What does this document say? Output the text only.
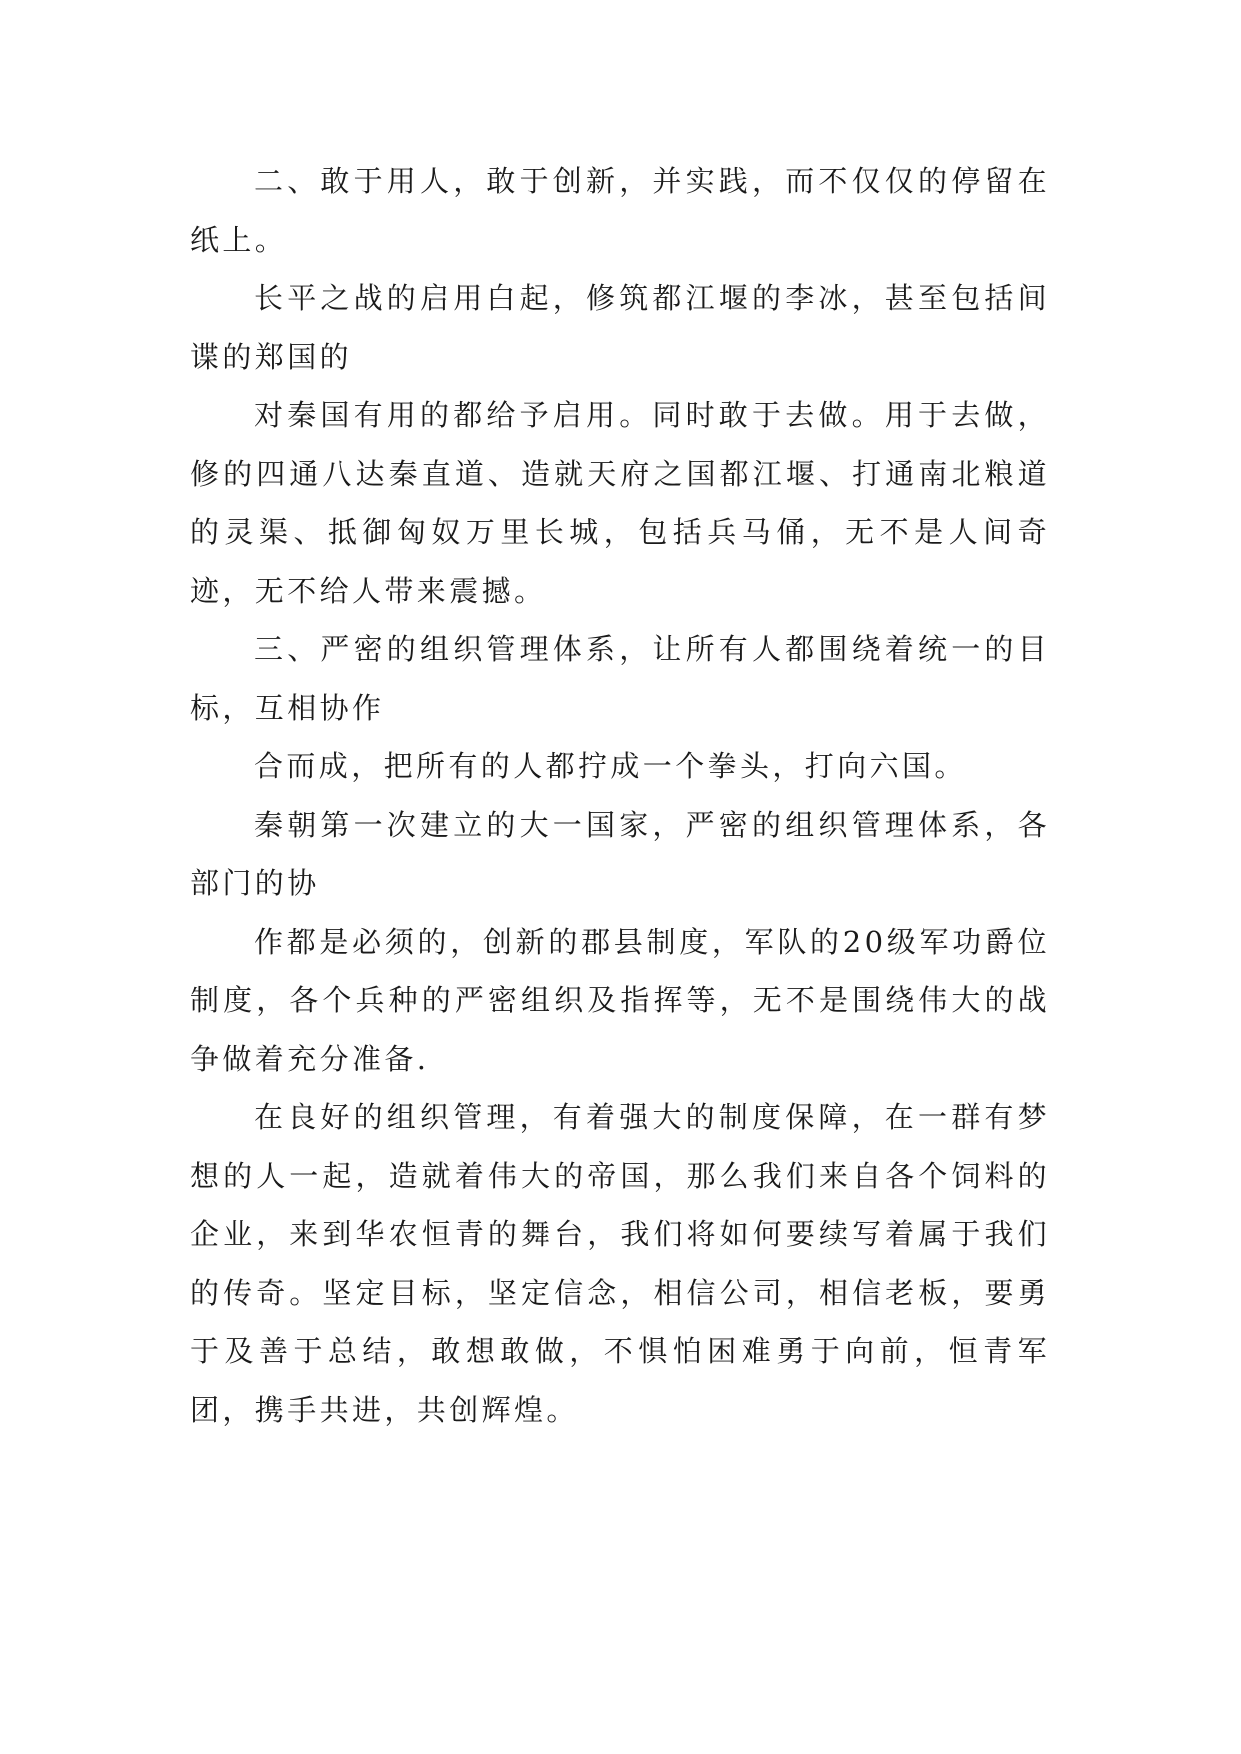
二、敢于用人，敢于创新，并实践，而不仅仅的停留在纸上。

长平之战的启用白起，修筑都江堰的李冰，甚至包括间谍的郑国的

对秦国有用的都给予启用。同时敢于去做。用于去做，修的四通八达秦直道、造就天府之国都江堰、打通南北粮道的灵渠、抵御匈奴万里长城，包括兵马俑，无不是人间奇迹，无不给人带来震撼。

三、严密的组织管理体系，让所有人都围绕着统一的目标，互相协作

合而成，把所有的人都拧成一个拳头，打向六国。

秦朝第一次建立的大一国家，严密的组织管理体系，各部门的协

作都是必须的，创新的郡县制度，军队的20级军功爵位制度，各个兵种的严密组织及指挥等，无不是围绕伟大的战争做着充分准备.

在良好的组织管理，有着强大的制度保障，在一群有梦想的人一起，造就着伟大的帝国，那么我们来自各个饲料的企业，来到华农恒青的舞台，我们将如何要续写着属于我们的传奇。坚定目标，坚定信念，相信公司，相信老板，要勇于及善于总结，敢想敢做，不惧怕困难勇于向前，恒青军团，携手共进，共创辉煌。
